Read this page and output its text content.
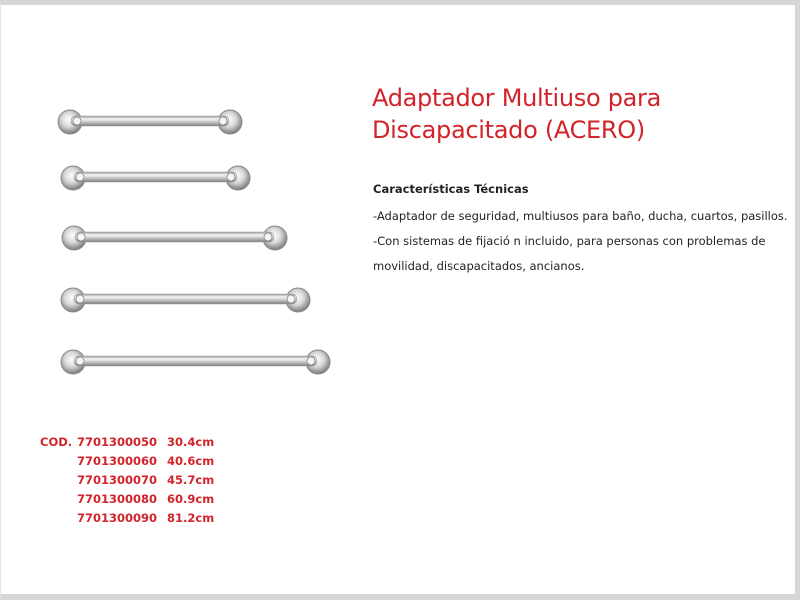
Adaptador Multiuso para
Discapacitado (ACERO)
Características Técnicas
-Adaptador de seguridad, multiusos para baño, ducha, cuartos, pasillos.
-Con sistemas de fijació n incluido, para personas con problemas de
movilidad, discapacitados, ancianos.
COD. 7701300050 30.4cm
7701300060 40.6cm
7701300070 45.7cm
7701300080 60.9cm
7701300090 81.2cm
